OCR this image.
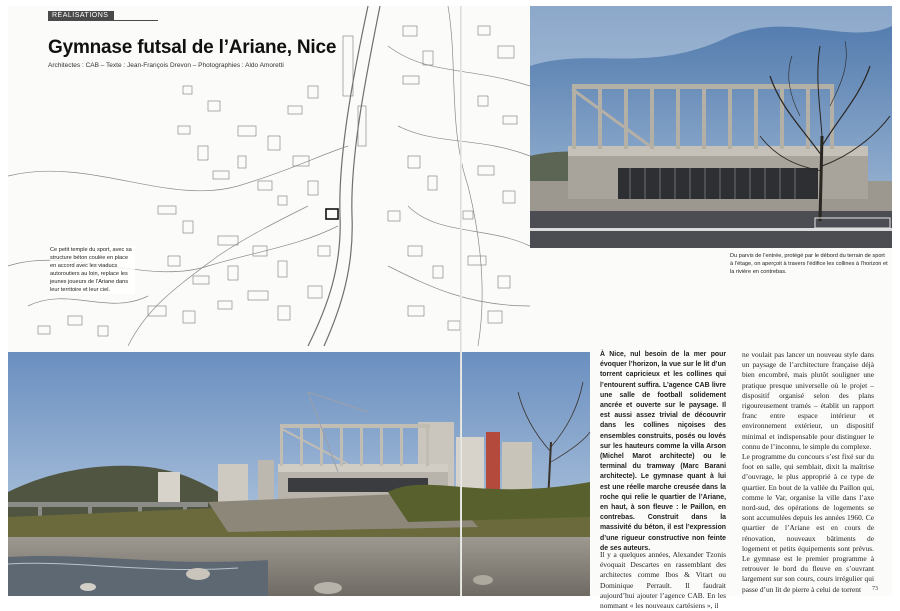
RÉALISATIONS
Gymnase futsal de l’Ariane, Nice
Architectes : CAB – Texte : Jean-François Drevon – Photographies : Aldo Amoretti

Ce petit temple du sport, avec sa structure béton coulée en place en accord avec les viaducs autoroutiers au loin, replace les jeunes joueurs de l’Ariane dans leur territoire et leur ciel.

Du parvis de l’entrée, protégé par le débord du terrain de sport à l’étage, on aperçoit à travers l’édifice les collines à l’horizon et la rivière en contrebas.

À Nice, nul besoin de la mer pour évoquer l’horizon, la vue sur le lit d’un torrent capricieux et les collines qui l’entourent suffira. L’agence CAB livre une salle de football solidement ancrée et ouverte sur le paysage. Il est aussi assez trivial de découvrir dans les collines niçoises des ensembles construits, posés ou lovés sur les hauteurs comme la villa Arson (Michel Marot architecte) ou le terminal du tramway (Marc Barani architecte). Le gymnase quant à lui est une réelle marche creusée dans la roche qui relie le quartier de l’Ariane, en haut, à son fleuve : le Paillon, en contrebas. Construit dans la massivité du béton, il est l’expression d’une rigueur constructive non feinte de ses auteurs.

Il y a quelques années, Alexander Tzonis évoquait Descartes en rassemblant des architectes comme Ibos & Vitart ou Dominique Perrault. Il faudrait aujourd’hui ajouter l’agence CAB. En les nommant « les nouveaux cartésiens », il

ne voulait pas lancer un nouveau style dans un paysage de l’architecture française déjà bien encombré, mais plutôt souligner une pratique presque universelle où le projet – dispositif organisé selon des plans rigoureusement tramés – établit un rapport franc entre espace intérieur et environnement extérieur, un dispositif minimal et indispensable pour distinguer le connu de l’inconnu, le simple du complexe.

Le programme du concours s’est fixé sur du foot en salle, qui semblait, dixit la maîtrise d’ouvrage, le plus approprié à ce type de quartier. En bout de la vallée du Paillon qui, comme le Var, organise la ville dans l’axe nord-sud, des opérations de logements se sont accumulées depuis les années 1960. Ce quartier de l’Ariane est en cours de rénovation, nouveaux bâtiments de logement et petits équipements sont prévus. Le gymnase est le premier programme à retrouver le bord du fleuve en s’ouvrant largement sur son cours, cours irrégulier qui passe d’un lit de pierre à celui de torrent	73
